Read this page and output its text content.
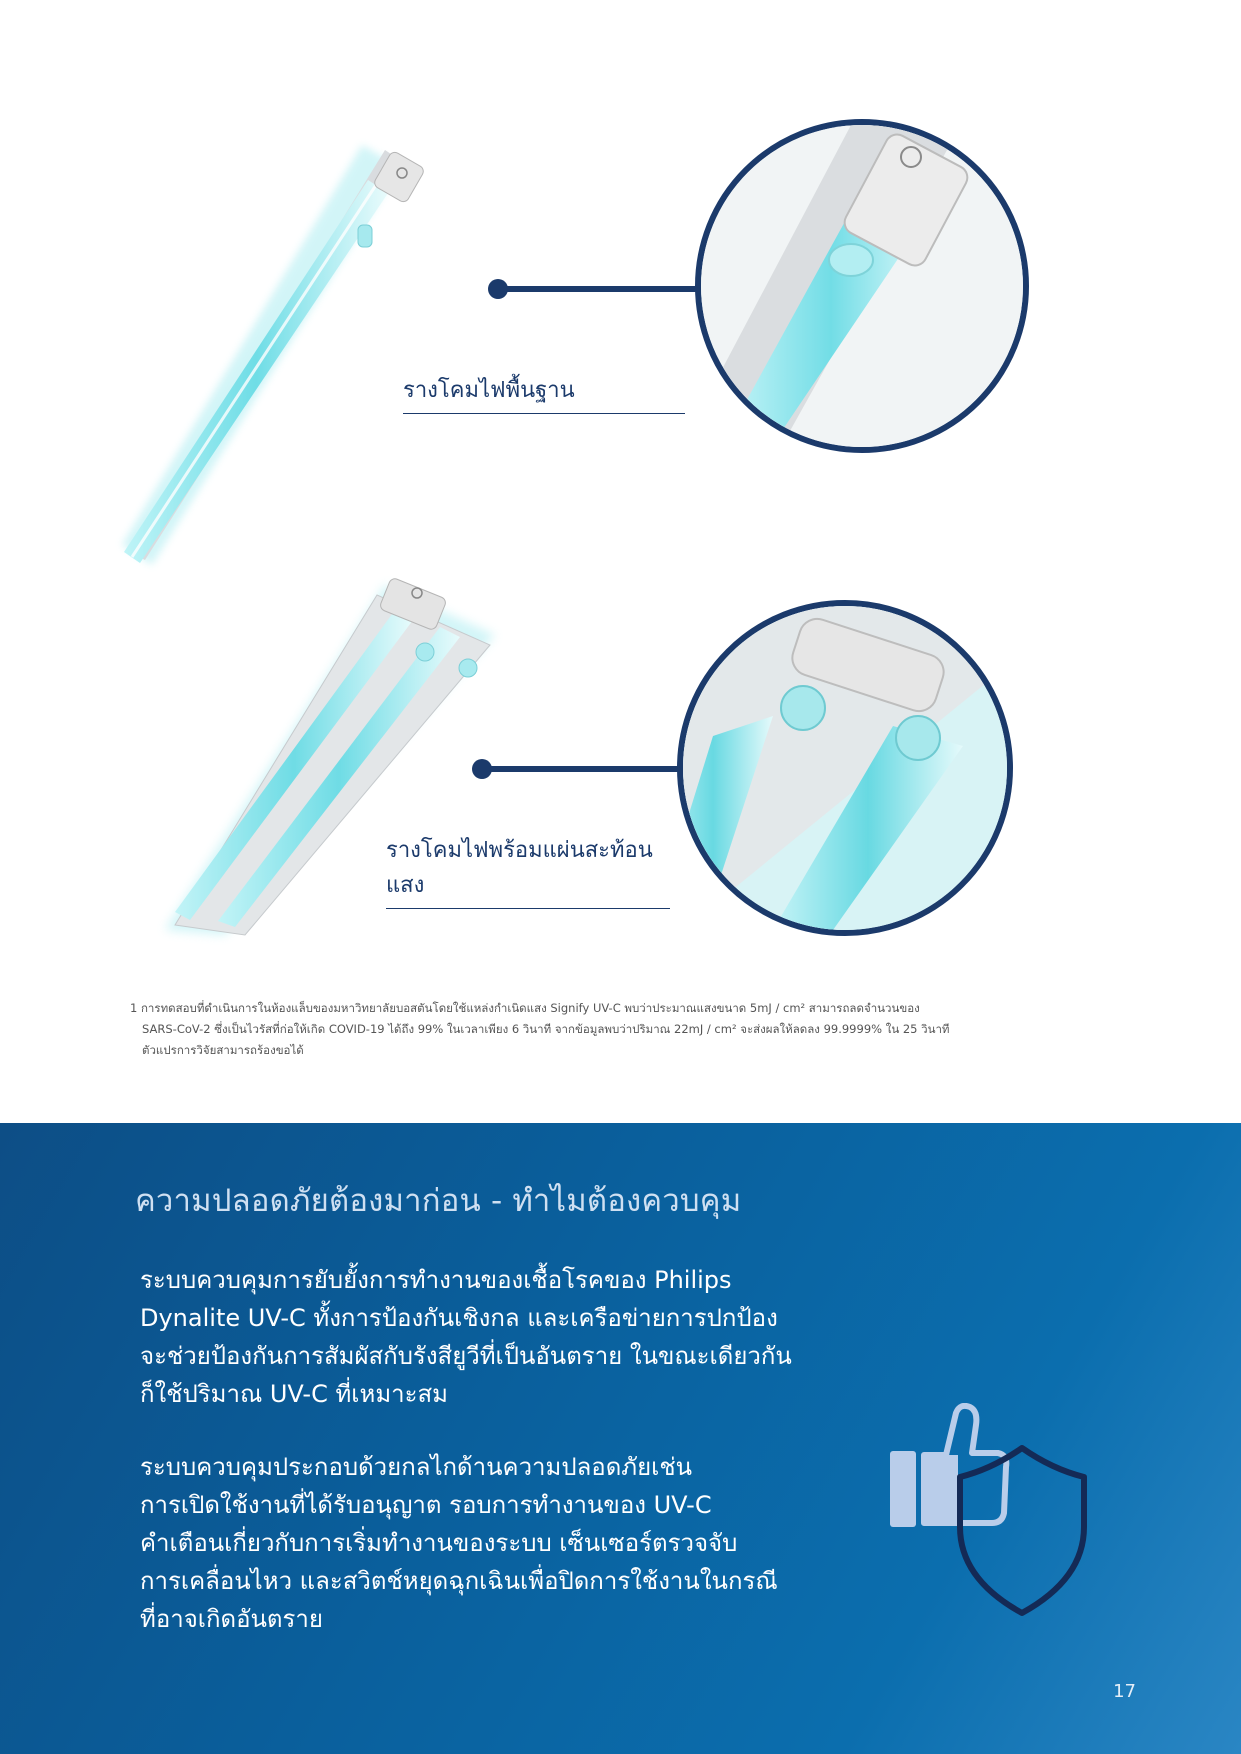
รางโคมไฟพื้นฐาน
รางโคมไฟพร้อมแผ่นสะท้อนแสง
1 การทดสอบที่ดำเนินการในห้องแล็บของมหาวิทยาลัยบอสตันโดยใช้แหล่งกำเนิดแสง Signify UV-C พบว่าประมาณแสงขนาด 5mJ / cm² สามารถลดจำนวนของ
SARS-CoV-2 ซึ่งเป็นไวรัสที่ก่อให้เกิด COVID-19 ได้ถึง 99% ในเวลาเพียง 6 วินาที จากข้อมูลพบว่าปริมาณ 22mJ / cm² จะส่งผลให้ลดลง 99.9999% ใน 25 วินาที
ตัวแปรการวิจัยสามารถร้องขอได้
ความปลอดภัยต้องมาก่อน - ทำไมต้องควบคุม
ระบบควบคุมการยับยั้งการทำงานของเชื้อโรคของ Philips
Dynalite UV-C ทั้งการป้องกันเชิงกล และเครือข่ายการปกป้อง
จะช่วยป้องกันการสัมผัสกับรังสียูวีที่เป็นอันตราย ในขณะเดียวกัน
ก็ใช้ปริมาณ UV-C ที่เหมาะสม
ระบบควบคุมประกอบด้วยกลไกด้านความปลอดภัยเช่น
การเปิดใช้งานที่ได้รับอนุญาต รอบการทำงานของ UV-C
คำเตือนเกี่ยวกับการเริ่มทำงานของระบบ เซ็นเซอร์ตรวจจับ
การเคลื่อนไหว และสวิตช์หยุดฉุกเฉินเพื่อปิดการใช้งานในกรณี
ที่อาจเกิดอันตราย
17
